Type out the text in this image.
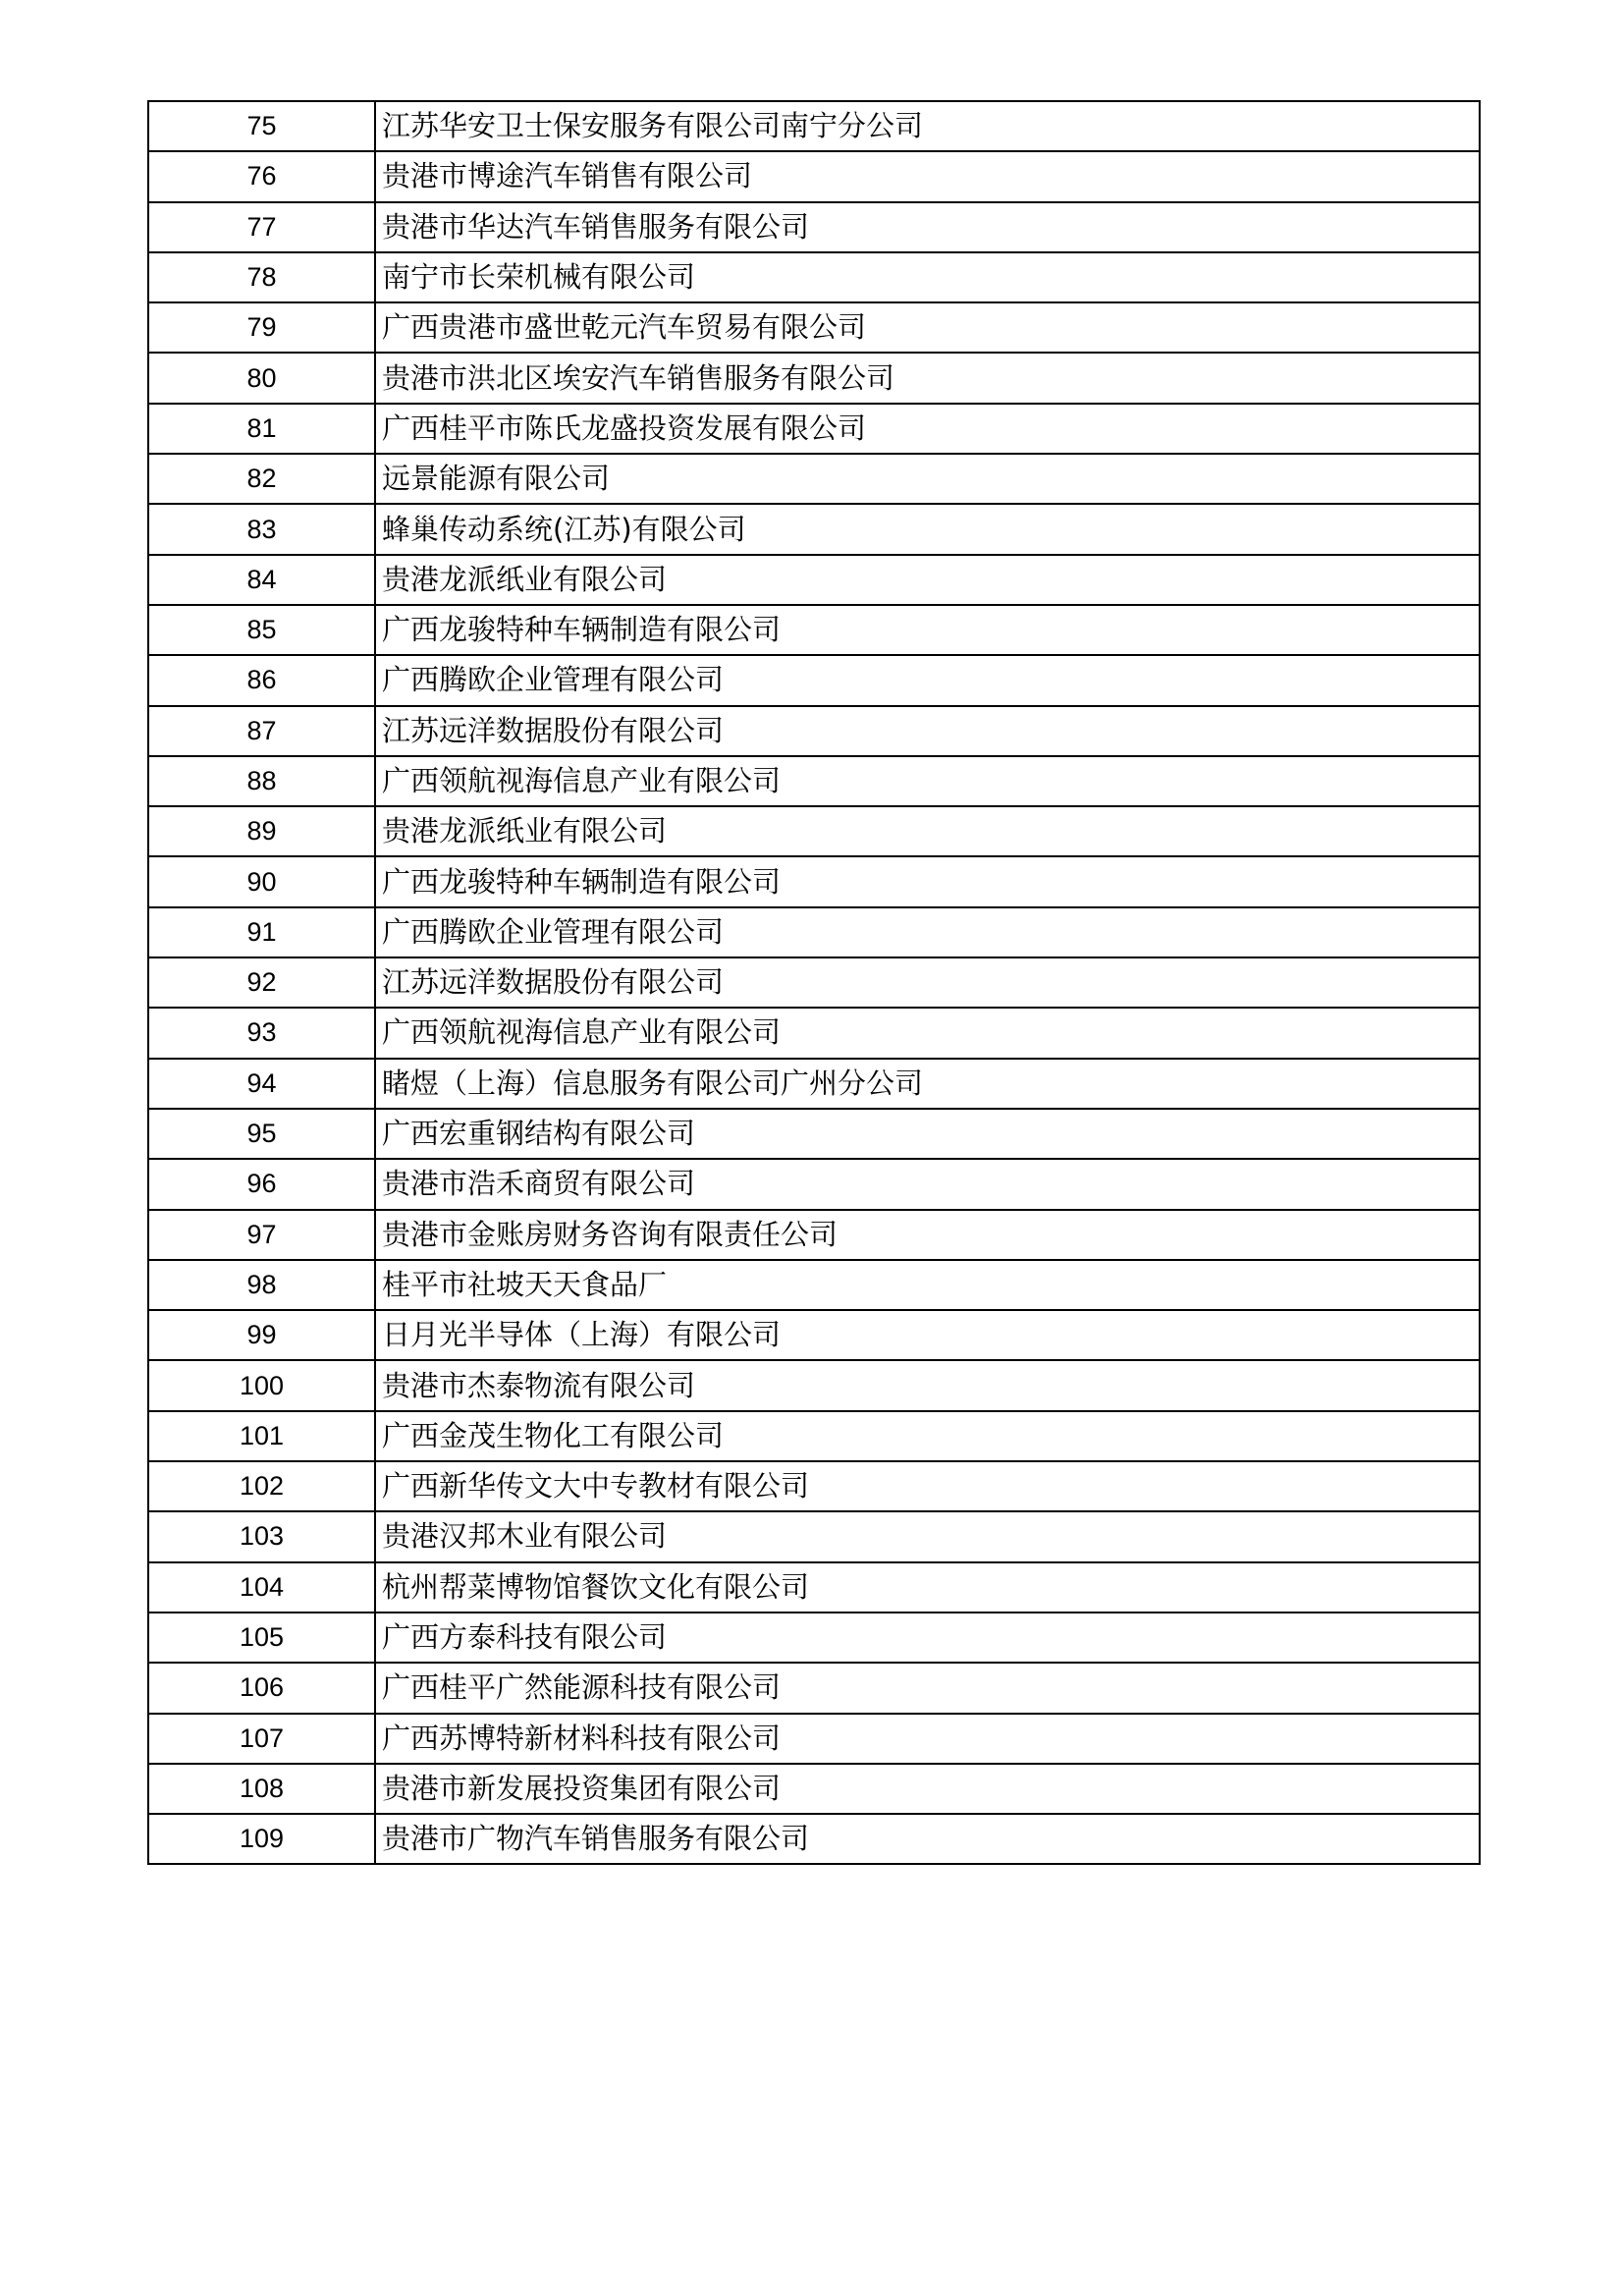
75	江苏华安卫士保安服务有限公司南宁分公司
76	贵港市博途汽车销售有限公司
77	贵港市华达汽车销售服务有限公司
78	南宁市长荣机械有限公司
79	广西贵港市盛世乾元汽车贸易有限公司
80	贵港市洪北区埃安汽车销售服务有限公司
81	广西桂平市陈氏龙盛投资发展有限公司
82	远景能源有限公司
83	蜂巢传动系统(江苏)有限公司
84	贵港龙派纸业有限公司
85	广西龙骏特种车辆制造有限公司
86	广西腾欧企业管理有限公司
87	江苏远洋数据股份有限公司
88	广西领航视海信息产业有限公司
89	贵港龙派纸业有限公司
90	广西龙骏特种车辆制造有限公司
91	广西腾欧企业管理有限公司
92	江苏远洋数据股份有限公司
93	广西领航视海信息产业有限公司
94	睹煜（上海）信息服务有限公司广州分公司
95	广西宏重钢结构有限公司
96	贵港市浩禾商贸有限公司
97	贵港市金账房财务咨询有限责任公司
98	桂平市社坡天天食品厂
99	日月光半导体（上海）有限公司
100	贵港市杰泰物流有限公司
101	广西金茂生物化工有限公司
102	广西新华传文大中专教材有限公司
103	贵港汉邦木业有限公司
104	杭州帮菜博物馆餐饮文化有限公司
105	广西方泰科技有限公司
106	广西桂平广然能源科技有限公司
107	广西苏博特新材料科技有限公司
108	贵港市新发展投资集团有限公司
109	贵港市广物汽车销售服务有限公司
